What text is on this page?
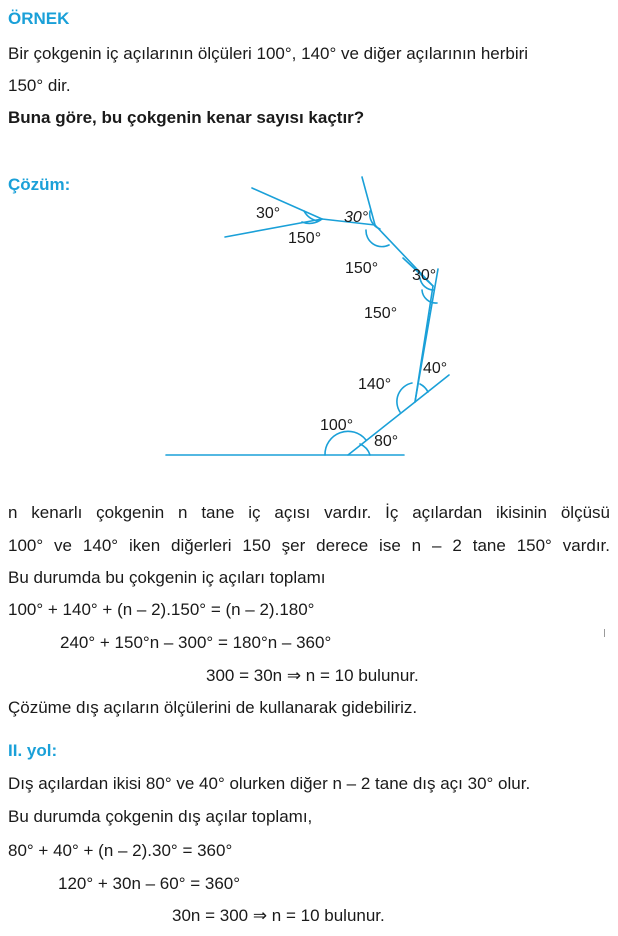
ÖRNEK
Bir çokgenin iç açılarının ölçüleri 100°, 140° ve diğer açılarının herbiri
150° dir.
Buna göre, bu çokgenin kenar sayısı kaçtır?
Çözüm:
30°
150°
30°
150° 30°
150°
40°
140°
100°
80°
n kenarlı çokgenin n tane iç açısı vardır. İç açılardan ikisinin ölçüsü
100° ve 140° iken diğerleri 150 şer derece ise n – 2 tane 150° vardır.
Bu durumda bu çokgenin iç açıları toplamı
100° + 140° + (n – 2).150° = (n – 2).180°
240° + 150°n – 300° = 180°n – 360°
300 = 30n ⇒ n = 10 bulunur.
Çözüme dış açıların ölçülerini de kullanarak gidebiliriz.
II. yol:
Dış açılardan ikisi 80° ve 40° olurken diğer n – 2 tane dış açı 30° olur.
Bu durumda çokgenin dış açılar toplamı,
80° + 40° + (n – 2).30° = 360°
120° + 30n – 60° = 360°
30n = 300 ⇒ n = 10 bulunur.
